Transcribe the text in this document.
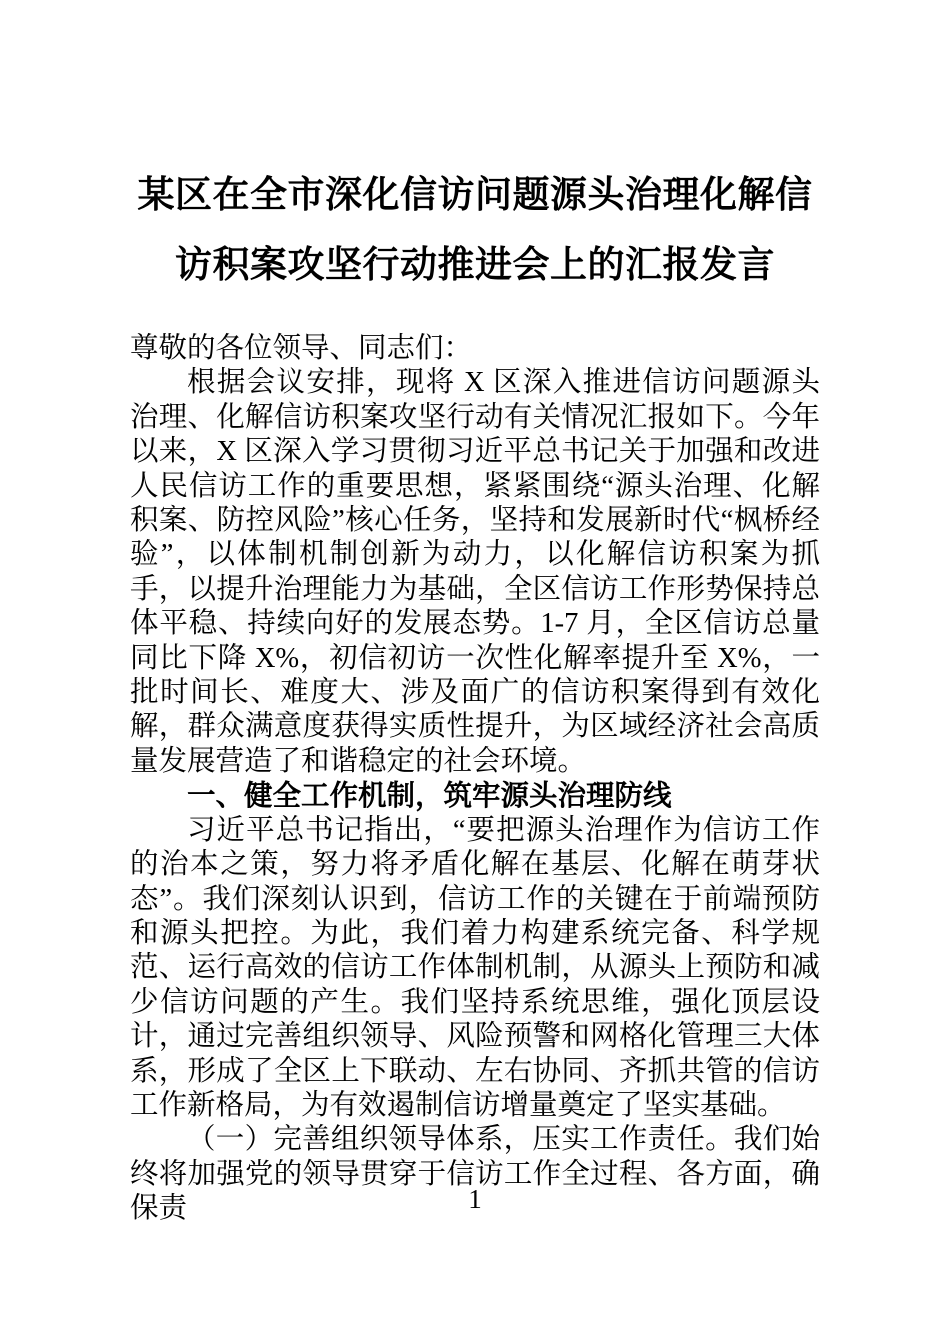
某区在全市深化信访问题源头治理化解信访积案攻坚行动推进会上的汇报发言

尊敬的各位领导、同志们：

根据会议安排，现将 X 区深入推进信访问题源头治理、化解信访积案攻坚行动有关情况汇报如下。今年以来，X 区深入学习贯彻习近平总书记关于加强和改进人民信访工作的重要思想，紧紧围绕“源头治理、化解积案、防控风险”核心任务，坚持和发展新时代“枫桥经验”，以体制机制创新为动力，以化解信访积案为抓手，以提升治理能力为基础，全区信访工作形势保持总体平稳、持续向好的发展态势。1-7 月，全区信访总量同比下降 X%，初信初访一次性化解率提升至 X%，一批时间长、难度大、涉及面广的信访积案得到有效化解，群众满意度获得实质性提升，为区域经济社会高质量发展营造了和谐稳定的社会环境。

一、健全工作机制，筑牢源头治理防线

习近平总书记指出，“要把源头治理作为信访工作的治本之策，努力将矛盾化解在基层、化解在萌芽状态”。我们深刻认识到，信访工作的关键在于前端预防和源头把控。为此，我们着力构建系统完备、科学规范、运行高效的信访工作体制机制，从源头上预防和减少信访问题的产生。我们坚持系统思维，强化顶层设计，通过完善组织领导、风险预警和网格化管理三大体系，形成了全区上下联动、左右协同、齐抓共管的信访工作新格局，为有效遏制信访增量奠定了坚实基础。

（一）完善组织领导体系，压实工作责任。我们始终将加强党的领导贯穿于信访工作全过程、各方面，确保责	1
